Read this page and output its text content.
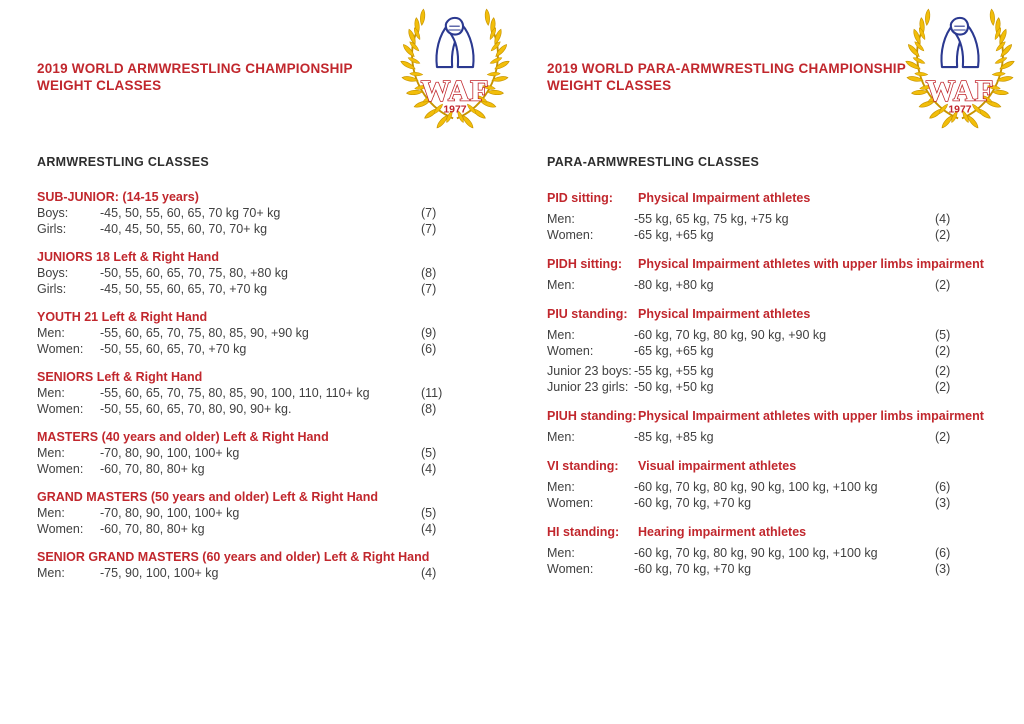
2019 WORLD ARMWRESTLING CHAMPIONSHIP
WEIGHT CLASSES
ARMWRESTLING CLASSES
SUB-JUNIOR: (14-15 years)
Boys:	-45, 50, 55, 60, 65, 70 kg 70+ kg	(7)
Girls:	-40, 45, 50, 55, 60, 70, 70+ kg	(7)
JUNIORS 18 Left & Right Hand
Boys:	-50, 55, 60, 65, 70, 75, 80, +80 kg	(8)
Girls:	-45, 50, 55, 60, 65, 70, +70 kg	(7)
YOUTH 21 Left & Right Hand
Men:	-55, 60, 65, 70, 75, 80, 85, 90, +90 kg	(9)
Women:	-50, 55, 60, 65, 70, +70 kg	(6)
SENIORS Left & Right Hand
Men:	-55, 60, 65, 70, 75, 80, 85, 90, 100, 110, 110+ kg	(11)
Women:	-50, 55, 60, 65, 70, 80, 90, 90+ kg.	(8)
MASTERS (40 years and older) Left & Right Hand
Men:	-70, 80, 90, 100, 100+ kg	(5)
Women:	-60, 70, 80, 80+ kg	(4)
GRAND MASTERS (50 years and older) Left & Right Hand
Men:	-70, 80, 90, 100, 100+ kg	(5)
Women:	-60, 70, 80, 80+ kg	(4)
SENIOR GRAND MASTERS (60 years and older) Left & Right Hand
Men:	-75, 90, 100, 100+ kg	(4)
2019 WORLD PARA-ARMWRESTLING CHAMPIONSHIP
WEIGHT CLASSES
PARA-ARMWRESTLING CLASSES
PID sitting:	Physical Impairment athletes
Men:	-55 kg, 65 kg, 75 kg, +75 kg	(4)
Women:	-65 kg, +65 kg	(2)
PIDH sitting:	Physical Impairment athletes with upper limbs impairment
Men:	-80 kg, +80 kg	(2)
PIU standing: Physical Impairment athletes
Men:	-60 kg, 70 kg, 80 kg, 90 kg, +90 kg	(5)
Women:	-65 kg, +65 kg	(2)
Junior 23 boys: -55 kg, +55 kg	(2)
Junior 23 girls: -50 kg, +50 kg	(2)
PIUH standing: Physical Impairment athletes with upper limbs impairment
Men:	-85 kg, +85 kg	(2)
VI standing:	Visual impairment athletes
Men:	-60 kg, 70 kg, 80 kg, 90 kg, 100 kg, +100 kg	(6)
Women:	-60 kg, 70 kg, +70 kg	(3)
HI standing:	Hearing impairment athletes
Men:	-60 kg, 70 kg, 80 kg, 90 kg, 100 kg, +100 kg	(6)
Women:	-60 kg, 70 kg, +70 kg	(3)
